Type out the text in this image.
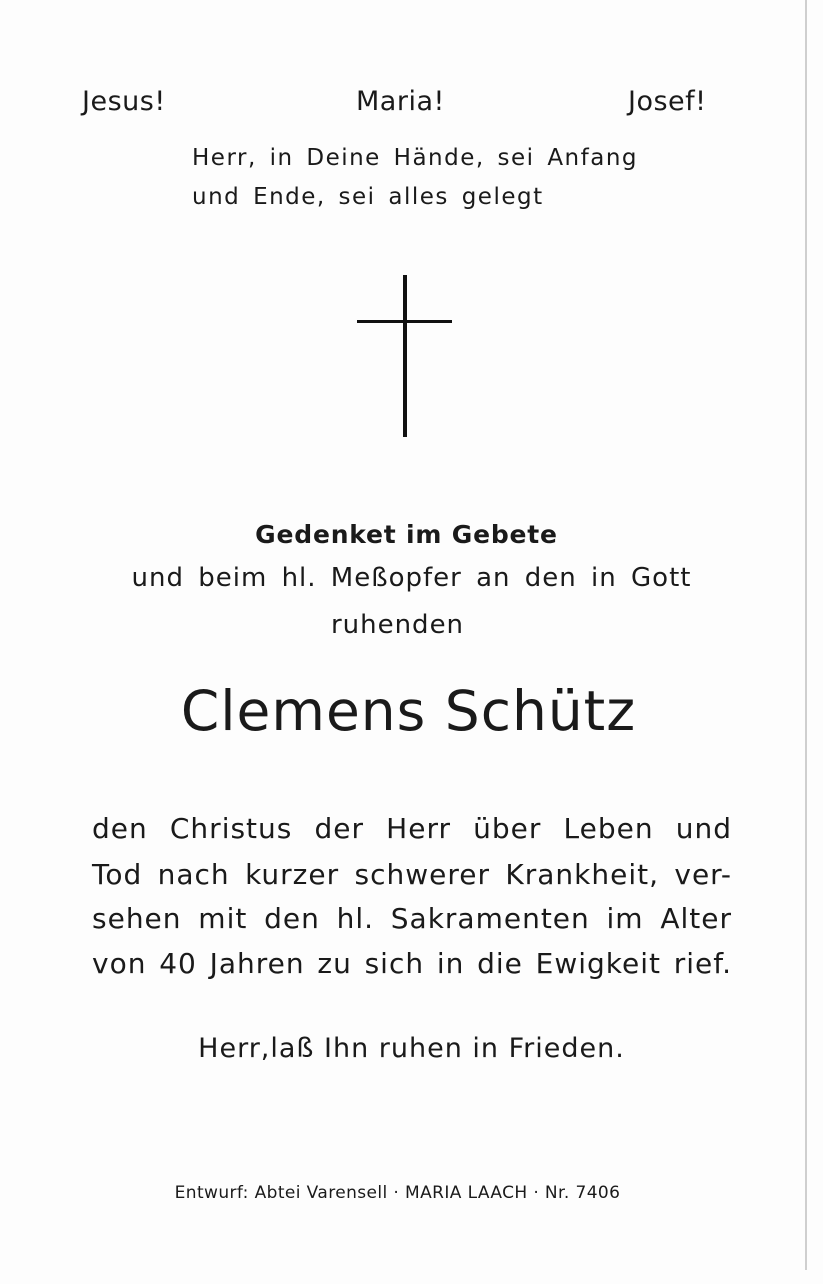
Jesus!	Maria!	Josef!
Herr, in Deine Hände, sei Anfang
und Ende, sei alles gelegt
Gedenket im Gebete
und beim hl. Meßopfer an den in Gott
ruhenden
Clemens Schütz
den Christus der Herr über Leben und
Tod nach kurzer schwerer Krankheit, ver-
sehen mit den hl. Sakramenten im Alter
von 40 Jahren zu sich in die Ewigkeit rief.
Herr,laß Ihn ruhen in Frieden.
Entwurf: Abtei Varensell · MARIA LAACH · Nr. 7406
